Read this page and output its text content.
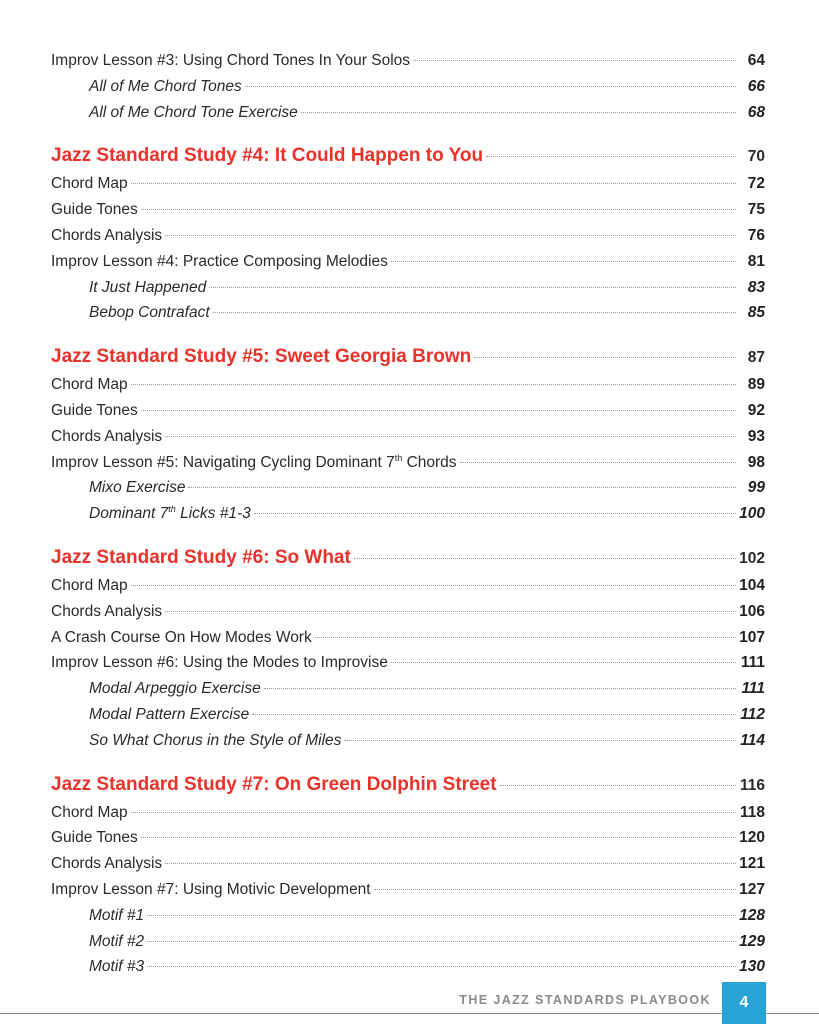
Improv Lesson #3: Using Chord Tones In Your Solos	64
All of Me Chord Tones	66
All of Me Chord Tone Exercise	68
Jazz Standard Study #4: It Could Happen to You	70
Chord Map	72
Guide Tones	75
Chords Analysis	76
Improv Lesson #4: Practice Composing Melodies	81
It Just Happened	83
Bebop Contrafact	85
Jazz Standard Study #5: Sweet Georgia Brown	87
Chord Map	89
Guide Tones	92
Chords Analysis	93
Improv Lesson #5: Navigating Cycling Dominant 7th Chords	98
Mixo Exercise	99
Dominant 7th Licks #1-3	100
Jazz Standard Study #6: So What	102
Chord Map	104
Chords Analysis	106
A Crash Course On How Modes Work	107
Improv Lesson #6: Using the Modes to Improvise	111
Modal Arpeggio Exercise	111
Modal Pattern Exercise	112
So What Chorus in the Style of Miles	114
Jazz Standard Study #7: On Green Dolphin Street	116
Chord Map	118
Guide Tones	120
Chords Analysis	121
Improv Lesson #7: Using Motivic Development	127
Motif #1	128
Motif #2	129
Motif #3	130
THE JAZZ STANDARDS PLAYBOOK	4
